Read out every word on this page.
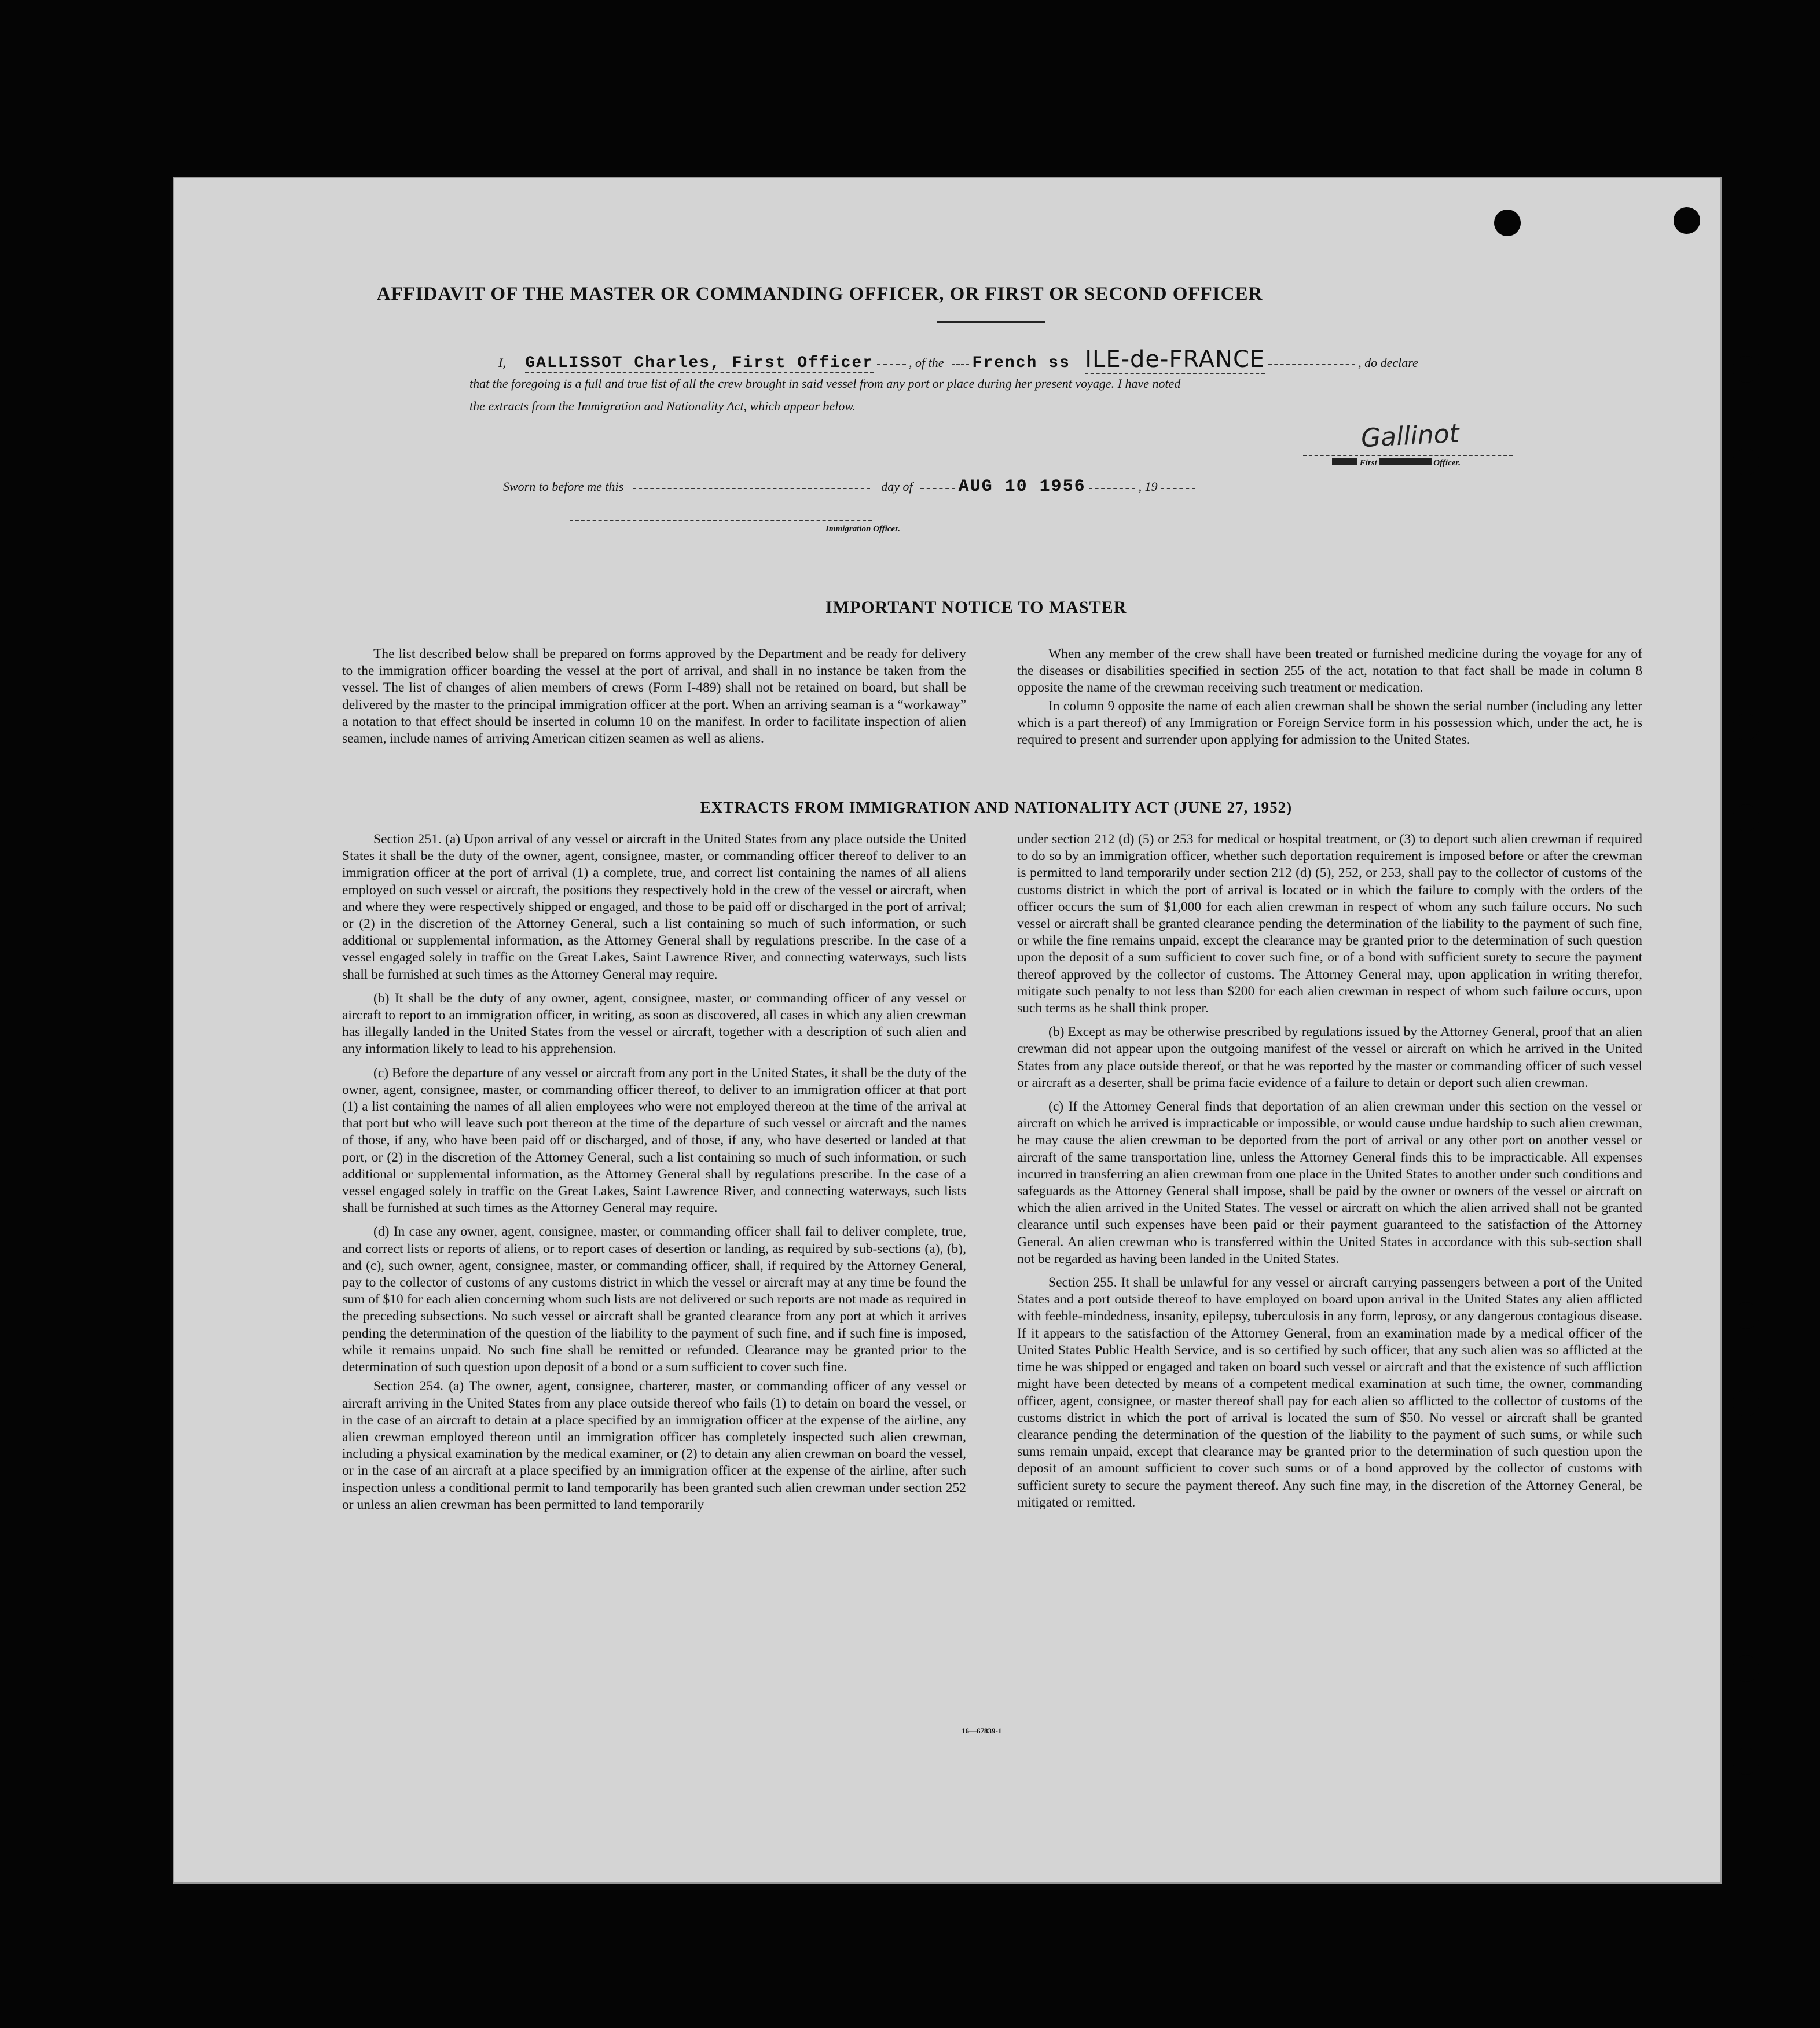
AFFIDAVIT OF THE MASTER OR COMMANDING OFFICER, OR FIRST OR SECOND OFFICER
I, GALLISSOT Charles, First Officer	, of the French ss ILE-de-FRANCE	, do declare
that the foregoing is a full and true list of all the crew brought in said vessel from any port or place during her present voyage. I have noted
the extracts from the Immigration and Nationality Act, which appear below.
Gallinot
First	Officer.
Sworn to before me this	day of	AUG 10 1956	, 19
Immigration Officer.
IMPORTANT NOTICE TO MASTER

The list described below shall be prepared on forms approved by the Department and be ready for delivery to the immigration officer boarding the vessel at the port of arrival, and shall in no instance be taken from the vessel. The list of changes of alien members of crews (Form I-489) shall not be retained on board, but shall be delivered by the master to the principal immigration officer at the port. When an arriving seaman is a “workaway” a notation to that effect should be inserted in column 10 on the manifest. In order to facilitate inspection of alien seamen, include names of arriving American citizen seamen as well as aliens.

When any member of the crew shall have been treated or furnished medicine during the voyage for any of the diseases or disabilities specified in section 255 of the act, notation to that fact shall be made in column 8 opposite the name of the crewman receiving such treatment or medication.

In column 9 opposite the name of each alien crewman shall be shown the serial number (including any letter which is a part thereof) of any Immigration or Foreign Service form in his possession which, under the act, he is required to present and surrender upon applying for admission to the United States.

EXTRACTS FROM IMMIGRATION AND NATIONALITY ACT (JUNE 27, 1952)

Section 251. (a) Upon arrival of any vessel or aircraft in the United States from any place outside the United States it shall be the duty of the owner, agent, consignee, master, or commanding officer thereof to deliver to an immigration officer at the port of arrival (1) a complete, true, and correct list containing the names of all aliens employed on such vessel or aircraft, the positions they respectively hold in the crew of the vessel or aircraft, when and where they were respectively shipped or engaged, and those to be paid off or discharged in the port of arrival; or (2) in the discretion of the Attorney General, such a list containing so much of such information, or such additional or supplemental information, as the Attorney General shall by regulations prescribe. In the case of a vessel engaged solely in traffic on the Great Lakes, Saint Lawrence River, and connecting waterways, such lists shall be furnished at such times as the Attorney General may require.

(b) It shall be the duty of any owner, agent, consignee, master, or commanding officer of any vessel or aircraft to report to an immigration officer, in writing, as soon as discovered, all cases in which any alien crewman has illegally landed in the United States from the vessel or aircraft, together with a description of such alien and any information likely to lead to his apprehension.

(c) Before the departure of any vessel or aircraft from any port in the United States, it shall be the duty of the owner, agent, consignee, master, or commanding officer thereof, to deliver to an immigration officer at that port (1) a list containing the names of all alien employees who were not employed thereon at the time of the arrival at that port but who will leave such port thereon at the time of the departure of such vessel or aircraft and the names of those, if any, who have been paid off or discharged, and of those, if any, who have deserted or landed at that port, or (2) in the discretion of the Attorney General, such a list containing so much of such information, or such additional or supplemental information, as the Attorney General shall by regulations prescribe. In the case of a vessel engaged solely in traffic on the Great Lakes, Saint Lawrence River, and connecting waterways, such lists shall be furnished at such times as the Attorney General may require.

(d) In case any owner, agent, consignee, master, or commanding officer shall fail to deliver complete, true, and correct lists or reports of aliens, or to report cases of desertion or landing, as required by sub-sections (a), (b), and (c), such owner, agent, consignee, master, or commanding officer, shall, if required by the Attorney General, pay to the collector of customs of any customs district in which the vessel or aircraft may at any time be found the sum of $10 for each alien concerning whom such lists are not delivered or such reports are not made as required in the preceding subsections. No such vessel or aircraft shall be granted clearance from any port at which it arrives pending the determination of the question of the liability to the payment of such fine, and if such fine is imposed, while it remains unpaid. No such fine shall be remitted or refunded. Clearance may be granted prior to the determination of such question upon deposit of a bond or a sum sufficient to cover such fine.

Section 254. (a) The owner, agent, consignee, charterer, master, or commanding officer of any vessel or aircraft arriving in the United States from any place outside thereof who fails (1) to detain on board the vessel, or in the case of an aircraft to detain at a place specified by an immigration officer at the expense of the airline, any alien crewman employed thereon until an immigration officer has completely inspected such alien crewman, including a physical examination by the medical examiner, or (2) to detain any alien crewman on board the vessel, or in the case of an aircraft at a place specified by an immigration officer at the expense of the airline, after such inspection unless a conditional permit to land temporarily has been granted such alien crewman under section 252 or unless an alien crewman has been permitted to land temporarily

under section 212 (d) (5) or 253 for medical or hospital treatment, or (3) to deport such alien crewman if required to do so by an immigration officer, whether such deportation requirement is imposed before or after the crewman is permitted to land temporarily under section 212 (d) (5), 252, or 253, shall pay to the collector of customs of the customs district in which the port of arrival is located or in which the failure to comply with the orders of the officer occurs the sum of $1,000 for each alien crewman in respect of whom any such failure occurs. No such vessel or aircraft shall be granted clearance pending the determination of the liability to the payment of such fine, or while the fine remains unpaid, except the clearance may be granted prior to the determination of such question upon the deposit of a sum sufficient to cover such fine, or of a bond with sufficient surety to secure the payment thereof approved by the collector of customs. The Attorney General may, upon application in writing therefor, mitigate such penalty to not less than $200 for each alien crewman in respect of whom such failure occurs, upon such terms as he shall think proper.

(b) Except as may be otherwise prescribed by regulations issued by the Attorney General, proof that an alien crewman did not appear upon the outgoing manifest of the vessel or aircraft on which he arrived in the United States from any place outside thereof, or that he was reported by the master or commanding officer of such vessel or aircraft as a deserter, shall be prima facie evidence of a failure to detain or deport such alien crewman.

(c) If the Attorney General finds that deportation of an alien crewman under this section on the vessel or aircraft on which he arrived is impracticable or impossible, or would cause undue hardship to such alien crewman, he may cause the alien crewman to be deported from the port of arrival or any other port on another vessel or aircraft of the same transportation line, unless the Attorney General finds this to be impracticable. All expenses incurred in transferring an alien crewman from one place in the United States to another under such conditions and safeguards as the Attorney General shall impose, shall be paid by the owner or owners of the vessel or aircraft on which the alien arrived in the United States. The vessel or aircraft on which the alien arrived shall not be granted clearance until such expenses have been paid or their payment guaranteed to the satisfaction of the Attorney General. An alien crewman who is transferred within the United States in accordance with this sub-section shall not be regarded as having been landed in the United States.

Section 255. It shall be unlawful for any vessel or aircraft carrying passengers between a port of the United States and a port outside thereof to have employed on board upon arrival in the United States any alien afflicted with feeble-mindedness, insanity, epilepsy, tuberculosis in any form, leprosy, or any dangerous contagious disease. If it appears to the satisfaction of the Attorney General, from an examination made by a medical officer of the United States Public Health Service, and is so certified by such officer, that any such alien was so afflicted at the time he was shipped or engaged and taken on board such vessel or aircraft and that the existence of such affliction might have been detected by means of a competent medical examination at such time, the owner, commanding officer, agent, consignee, or master thereof shall pay for each alien so afflicted to the collector of customs of the customs district in which the port of arrival is located the sum of $50. No vessel or aircraft shall be granted clearance pending the determination of the question of the liability to the payment of such sums, or while such sums remain unpaid, except that clearance may be granted prior to the determination of such question upon the deposit of an amount sufficient to cover such sums or of a bond approved by the collector of customs with sufficient surety to secure the payment thereof. Any such fine may, in the discretion of the Attorney General, be mitigated or remitted.

16—67839-1
